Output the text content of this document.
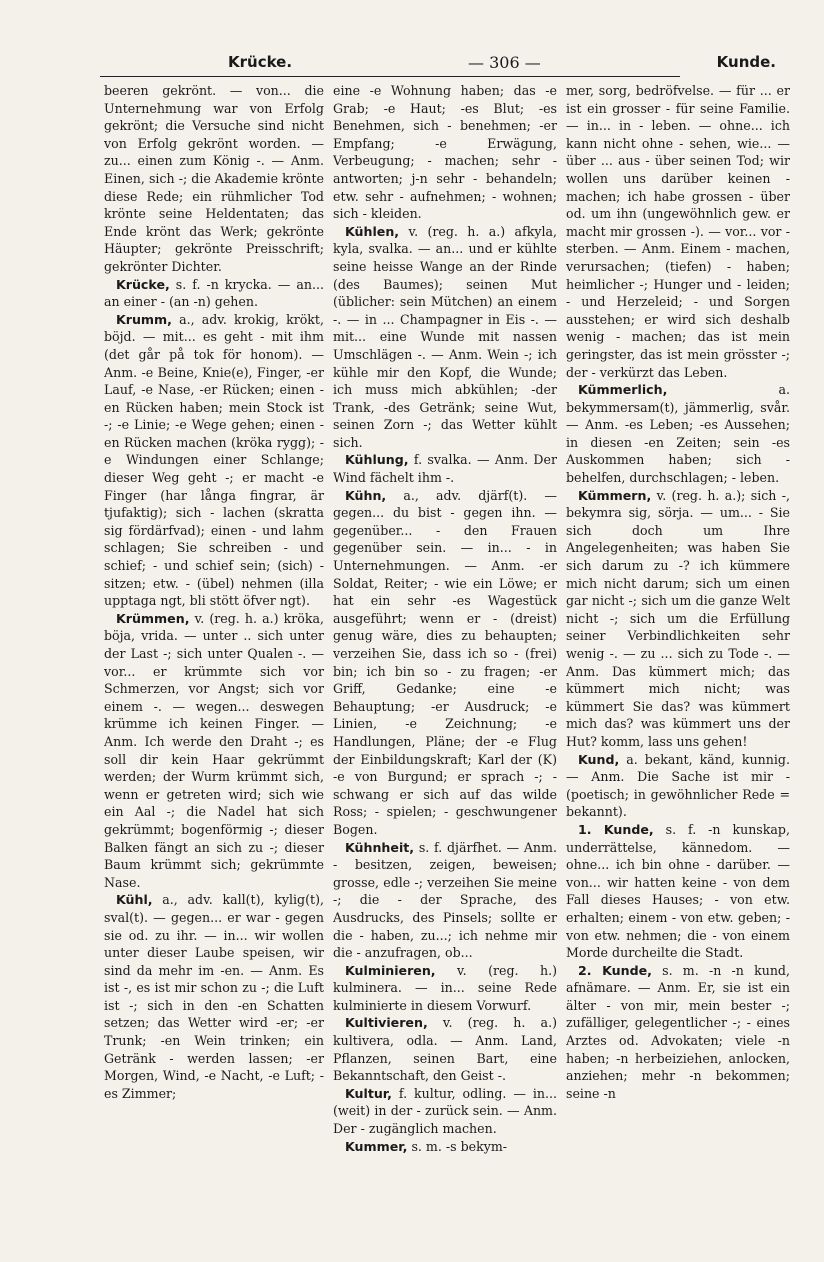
Krücke.	— 306 —	Kunde.

beeren gekrönt. — von... die Unternehmung war von Erfolg gekrönt; die Versuche sind nicht von Erfolg gekrönt worden. — zu... einen zum König -. — Anm. Einen, sich -; die Akademie krönte diese Rede; ein rühmlicher Tod krönte seine Heldentaten; das Ende krönt das Werk; gekrönte Häupter; gekrönte Preisschrift; gekrönter Dichter.

Krücke, s. f. -n krycka. — an... an einer - (an -n) gehen.

Krumm, a., adv. krokig, krökt, böjd. — mit... es geht - mit ihm (det går på tok för honom). — Anm. -e Beine, Knie(e), Finger, -er Lauf, -e Nase, -er Rücken; einen -en Rücken haben; mein Stock ist -; -e Linie; -e Wege gehen; einen -en Rücken machen (kröka rygg); -e Windungen einer Schlange; dieser Weg geht -; er macht -e Finger (har långa fingrar, är tjufaktig); sich - lachen (skratta sig fördärfvad); einen - und lahm schlagen; Sie schreiben - und schief; - und schief sein; (sich) - sitzen; etw. - (übel) nehmen (illa upptaga ngt, bli stött öfver ngt).

Krümmen, v. (reg. h. a.) kröka, böja, vrida. — unter .. sich unter der Last -; sich unter Qualen -. — vor... er krümmte sich vor Schmerzen, vor Angst; sich vor einem -. — wegen... deswegen krümme ich keinen Finger. — Anm. Ich werde den Draht -; es soll dir kein Haar gekrümmt werden; der Wurm krümmt sich, wenn er getreten wird; sich wie ein Aal -; die Nadel hat sich gekrümmt; bogenförmig -; dieser Balken fängt an sich zu -; dieser Baum krümmt sich; gekrümmte Nase.

Kühl, a., adv. kall(t), kylig(t), sval(t). — gegen... er war - gegen sie od. zu ihr. — in... wir wollen unter dieser Laube speisen, wir sind da mehr im -en. — Anm. Es ist -, es ist mir schon zu -; die Luft ist -; sich in den -en Schatten setzen; das Wetter wird -er; -er Trunk; -en Wein trinken; ein Getränk - werden lassen; -er Morgen, Wind, -e Nacht, -e Luft; -es Zimmer;

eine -e Wohnung haben; das -e Grab; -e Haut; -es Blut; -es Benehmen, sich - benehmen; -er Empfang; -e Erwägung, Verbeugung; - machen; sehr - antworten; j-n sehr - behandeln; etw. sehr - aufnehmen; - wohnen; sich - kleiden.

Kühlen, v. (reg. h. a.) afkyla, kyla, svalka. — an... und er kühlte seine heisse Wange an der Rinde (des Baumes); seinen Mut (üblicher: sein Mütchen) an einem -. — in ... Champagner in Eis -. — mit... eine Wunde mit nassen Umschlägen -. — Anm. Wein -; ich kühle mir den Kopf, die Wunde; ich muss mich abkühlen; -der Trank, -des Getränk; seine Wut, seinen Zorn -; das Wetter kühlt sich.

Kühlung, f. svalka. — Anm. Der Wind fächelt ihm -.

Kühn, a., adv. djärf(t). — gegen... du bist - gegen ihn. — gegenüber... - den Frauen gegenüber sein. — in... - in Unternehmungen. — Anm. -er Soldat, Reiter; - wie ein Löwe; er hat ein sehr -es Wagestück ausgeführt; wenn er - (dreist) genug wäre, dies zu behaupten; verzeihen Sie, dass ich so - (frei) bin; ich bin so - zu fragen; -er Griff, Gedanke; eine -e Behauptung; -er Ausdruck; -e Linien, -e Zeichnung; -e Handlungen, Pläne; der -e Flug der Einbildungskraft; Karl der (K) -e von Burgund; er sprach -; - schwang er sich auf das wilde Ross; - spielen; - geschwungener Bogen.

Kühnheit, s. f. djärfhet. — Anm. - besitzen, zeigen, beweisen; grosse, edle -; verzeihen Sie meine -; die - der Sprache, des Ausdrucks, des Pinsels; sollte er die - haben, zu...; ich nehme mir die - anzufragen, ob...

Kulminieren, v. (reg. h.) kulminera. — in... seine Rede kulminierte in diesem Vorwurf.

Kultivieren, v. (reg. h. a.) kultivera, odla. — Anm. Land, Pflanzen, seinen Bart, eine Bekanntschaft, den Geist -.

Kultur, f. kultur, odling. — in... (weit) in der - zurück sein. — Anm. Der - zugänglich machen.

Kummer, s. m. -s bekym-

mer, sorg, bedröfvelse. — für ... er ist ein grosser - für seine Familie. — in... in - leben. — ohne... ich kann nicht ohne - sehen, wie... — über ... aus - über seinen Tod; wir wollen uns darüber keinen - machen; ich habe grossen - über od. um ihn (ungewöhnlich gew. er macht mir grossen -). — vor... vor - sterben. — Anm. Einem - machen, verursachen; (tiefen) - haben; heimlicher -; Hunger und - leiden; - und Herzeleid; - und Sorgen ausstehen; er wird sich deshalb wenig - machen; das ist mein geringster, das ist mein grösster -; der - verkürzt das Leben.

Kümmerlich, a. bekymmersam(t), jämmerlig, svår. — Anm. -es Leben; -es Aussehen; in diesen -en Zeiten; sein -es Auskommen haben; sich - behelfen, durchschlagen; - leben.

Kümmern, v. (reg. h. a.); sich -, bekymra sig, sörja. — um... - Sie sich doch um Ihre Angelegenheiten; was haben Sie sich darum zu -? ich kümmere mich nicht darum; sich um einen gar nicht -; sich um die ganze Welt nicht -; sich um die Erfüllung seiner Verbindlichkeiten sehr wenig -. — zu ... sich zu Tode -. — Anm. Das kümmert mich; das kümmert mich nicht; was kümmert Sie das? was kümmert mich das? was kümmert uns der Hut? komm, lass uns gehen!

Kund, a. bekant, känd, kunnig. — Anm. Die Sache ist mir - (poetisch; in gewöhnlicher Rede = bekannt).

1. Kunde, s. f. -n kunskap, underrättelse, kännedom. — ohne... ich bin ohne - darüber. — von... wir hatten keine - von dem Fall dieses Hauses; - von etw. erhalten; einem - von etw. geben; - von etw. nehmen; die - von einem Morde durcheilte die Stadt.

2. Kunde, s. m. -n -n kund, afnämare. — Anm. Er, sie ist ein älter - von mir, mein bester -; zufälliger, gelegentlicher -; - eines Arztes od. Advokaten; viele -n haben; -n herbeiziehen, anlocken, anziehen; mehr -n bekommen; seine -n
